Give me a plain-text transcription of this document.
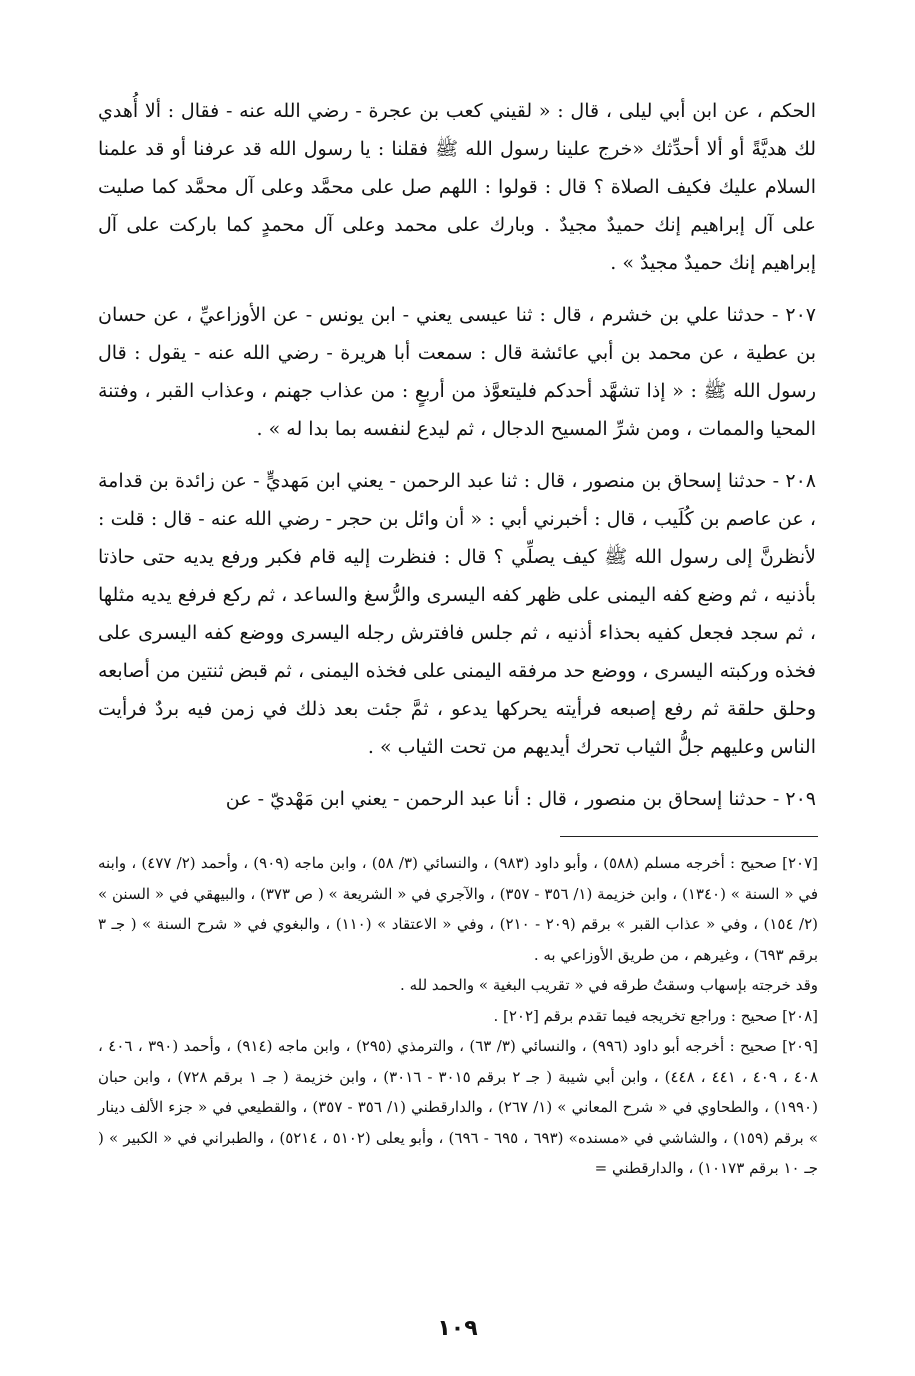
الحكم ، عن ابن أبي ليلى ، قال : « لقيني كعب بن عجرة - رضي الله عنه - فقال : ألا أُهدي لك هديَّةً أو ألا أحدِّثك «خرج علينا رسول الله ﷺ فقلنا : يا رسول الله قد عرفنا أو قد علمنا السلام عليك فكيف الصلاة ؟ قال : قولوا : اللهم صل على محمَّد وعلى آل محمَّد كما صليت على آل إبراهيم إنك حميدٌ مجيدٌ . وبارك على محمد وعلى آل محمدٍ كما باركت على آل إبراهيم إنك حميدٌ مجيدٌ » .

٢٠٧ - حدثنا علي بن خشرم ، قال : ثنا عيسى يعني - ابن يونس - عن الأوزاعيِّ ، عن حسان بن عطية ، عن محمد بن أبي عائشة قال : سمعت أبا هريرة - رضي الله عنه - يقول : قال رسول الله ﷺ : « إذا تشهَّد أحدكم فليتعوَّذ من أربعٍ : من عذاب جهنم ، وعذاب القبر ، وفتنة المحيا والممات ، ومن شرِّ المسيح الدجال ، ثم ليدع لنفسه بما بدا له » .

٢٠٨ - حدثنا إسحاق بن منصور ، قال : ثنا عبد الرحمن - يعني ابن مَهديٍّ - عن زائدة بن قدامة ، عن عاصم بن كُلَيب ، قال : أخبرني أبي : « أن وائل بن حجر - رضي الله عنه - قال : قلت : لأنظرنَّ إلى رسول الله ﷺ كيف يصلِّي ؟ قال : فنظرت إليه قام فكبر ورفع يديه حتى حاذتا بأذنيه ، ثم وضع كفه اليمنى على ظهر كفه اليسرى والرُّسغ والساعد ، ثم ركع فرفع يديه مثلها ، ثم سجد فجعل كفيه بحذاء أذنيه ، ثم جلس فافترش رجله اليسرى ووضع كفه اليسرى على فخذه وركبته اليسرى ، ووضع حد مرفقه اليمنى على فخذه اليمنى ، ثم قبض ثنتين من أصابعه وحلق حلقة ثم رفع إصبعه فرأيته يحركها يدعو ، ثمَّ جئت بعد ذلك في زمن فيه بردٌ فرأيت الناس وعليهم جلُّ الثياب تحرك أيديهم من تحت الثياب » .

٢٠٩ - حدثنا إسحاق بن منصور ، قال : أنا عبد الرحمن - يعني ابن مَهْديّ - عن

[٢٠٧] صحيح : أخرجه مسلم (٥٨٨) ، وأبو داود (٩٨٣) ، والنسائي (٣/ ٥٨) ، وابن ماجه (٩٠٩) ، وأحمد (٢/ ٤٧٧) ، وابنه في « السنة » (١٣٤٠) ، وابن خزيمة (١/ ٣٥٦ - ٣٥٧) ، والآجري في « الشريعة » ( ص ٣٧٣) ، والبيهقي في « السنن » (٢/ ١٥٤) ، وفي « عذاب القبر » برقم (٢٠٩ - ٢١٠) ، وفي « الاعتقاد » (١١٠) ، والبغوي في « شرح السنة » ( جـ ٣ برقم ٦٩٣) ، وغيرهم ، من طريق الأوزاعي به .

وقد خرجته بإسهاب وسقتُ طرقه في « تقريب البغية » والحمد لله .

[٢٠٨] صحيح : وراجع تخريجه فيما تقدم برقم [٢٠٢] .

[٢٠٩] صحيح : أخرجه أبو داود (٩٩٦) ، والنسائي (٣/ ٦٣) ، والترمذي (٢٩٥) ، وابن ماجه (٩١٤) ، وأحمد (٣٩٠ ، ٤٠٦ ، ٤٠٨ ، ٤٠٩ ، ٤٤١ ، ٤٤٨) ، وابن أبي شيبة ( جـ ٢ برقم ٣٠١٥ - ٣٠١٦) ، وابن خزيمة ( جـ ١ برقم ٧٢٨) ، وابن حبان (١٩٩٠) ، والطحاوي في « شرح المعاني » (١/ ٢٦٧) ، والدارقطني (١/ ٣٥٦ - ٣٥٧) ، والقطيعي في « جزء الألف دينار » برقم (١٥٩) ، والشاشي في «مسنده» (٦٩٣ ، ٦٩٥ - ٦٩٦) ، وأبو يعلى (٥١٠٢ ، ٥٢١٤) ، والطبراني في « الكبير » ( جـ ١٠ برقم ١٠١٧٣) ، والدارقطني =

١٠٩
